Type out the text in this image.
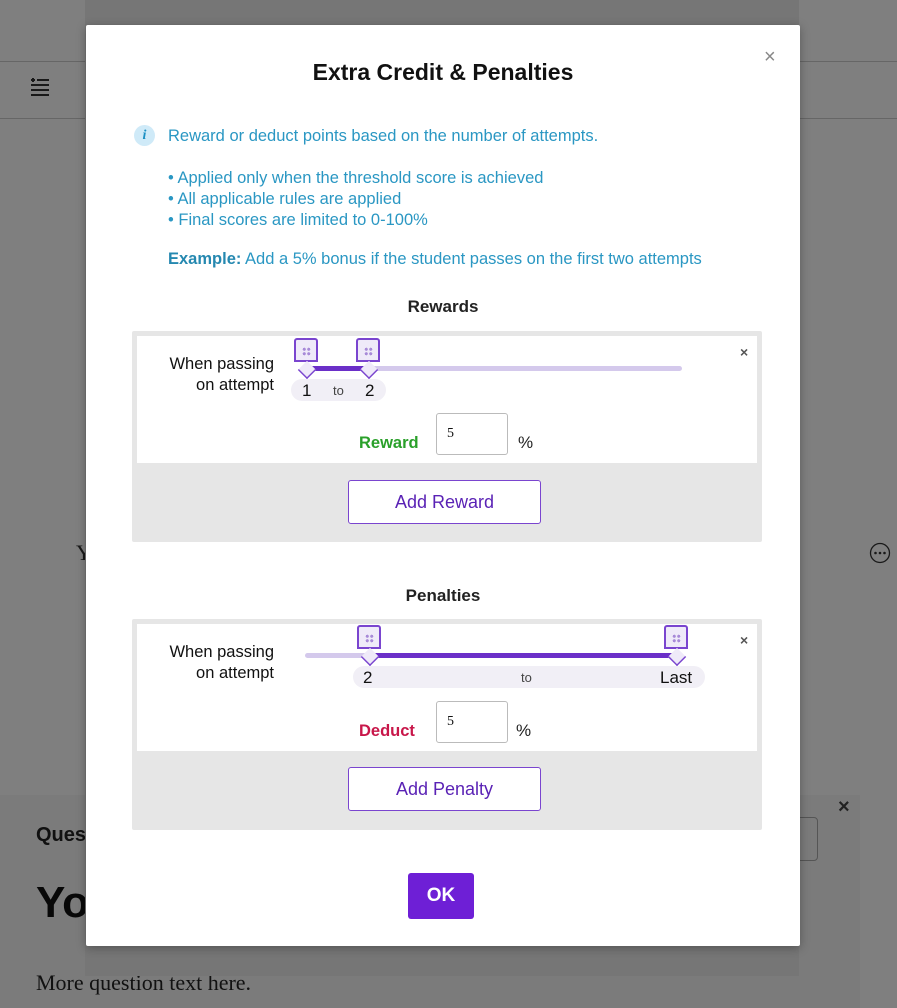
Extra Credit & Penalties
×
i	Reward or deduct points based on the number of attempts.
• Applied only when the threshold score is achieved
• All applicable rules are applied
• Final scores are limited to 0-100%
Example: Add a 5% bonus if the student passes on the first two attempts
Rewards
When passing
on attempt
×
1 to 2
Reward
5	%
Add Reward
Penalties
When passing
on attempt
×
2	to	Last
Deduct
5	%
Add Penalty
OK
